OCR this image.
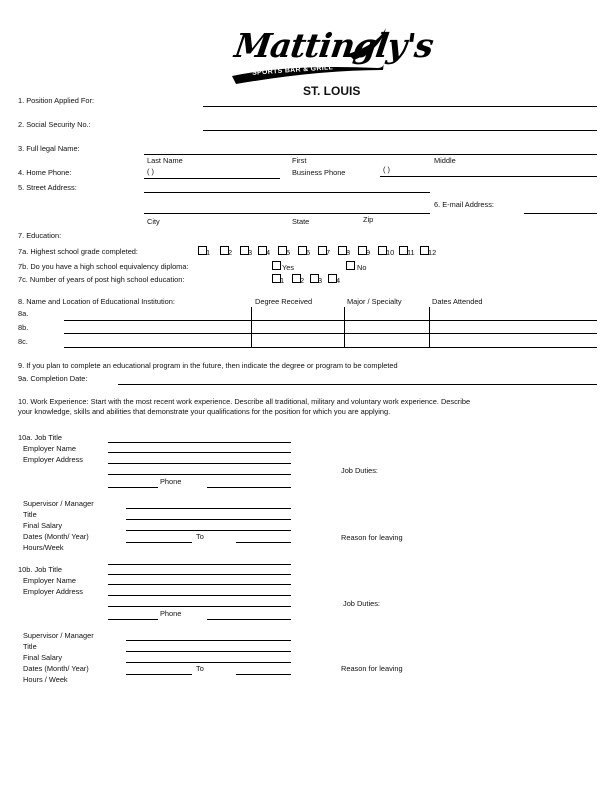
Mattingly's
SPORTS BAR & GRILL
ST. LOUIS
1. Position Applied For:
2. Social Security No.:
3. Full legal Name:
Last Name	First	Middle
4. Home Phone:	( )	Business Phone	( )
5. Street Address:
6. E-mail Address:
City	State	Zip
7. Education:
7a. Highest school grade completed:	1 2 3 4 5 6 7 8 9 10 11 12
7b. Do you have a high school equivalency diploma:	Yes	No
7c. Number of years of post high school education:	1 2 3 4
8. Name and Location of Educational Institution:	Degree Received	Major / Specialty	Dates Attended
8a.
8b.
8c.
9. If you plan to complete an educational program in the future, then indicate the degree or program to be completed
9a. Completion Date:
10. Work Experience: Start with the most recent work experience. Describe all traditional, military and voluntary work experience. Describe
your knowledge, skills and abilities that demonstrate your qualifications for the position for which you are applying.
10a. Job Title
Employer Name
Employer Address
Phone
Job Duties:
Supervisor / Manager
Title
Final Salary
Dates (Month/ Year)	To
Hours/Week
Reason for leaving
10b. Job Title
Employer Name
Employer Address
Phone
Job Duties:
Supervisor / Manager
Title
Final Salary
Dates (Month/ Year)	To
Hours / Week
Reason for leaving
